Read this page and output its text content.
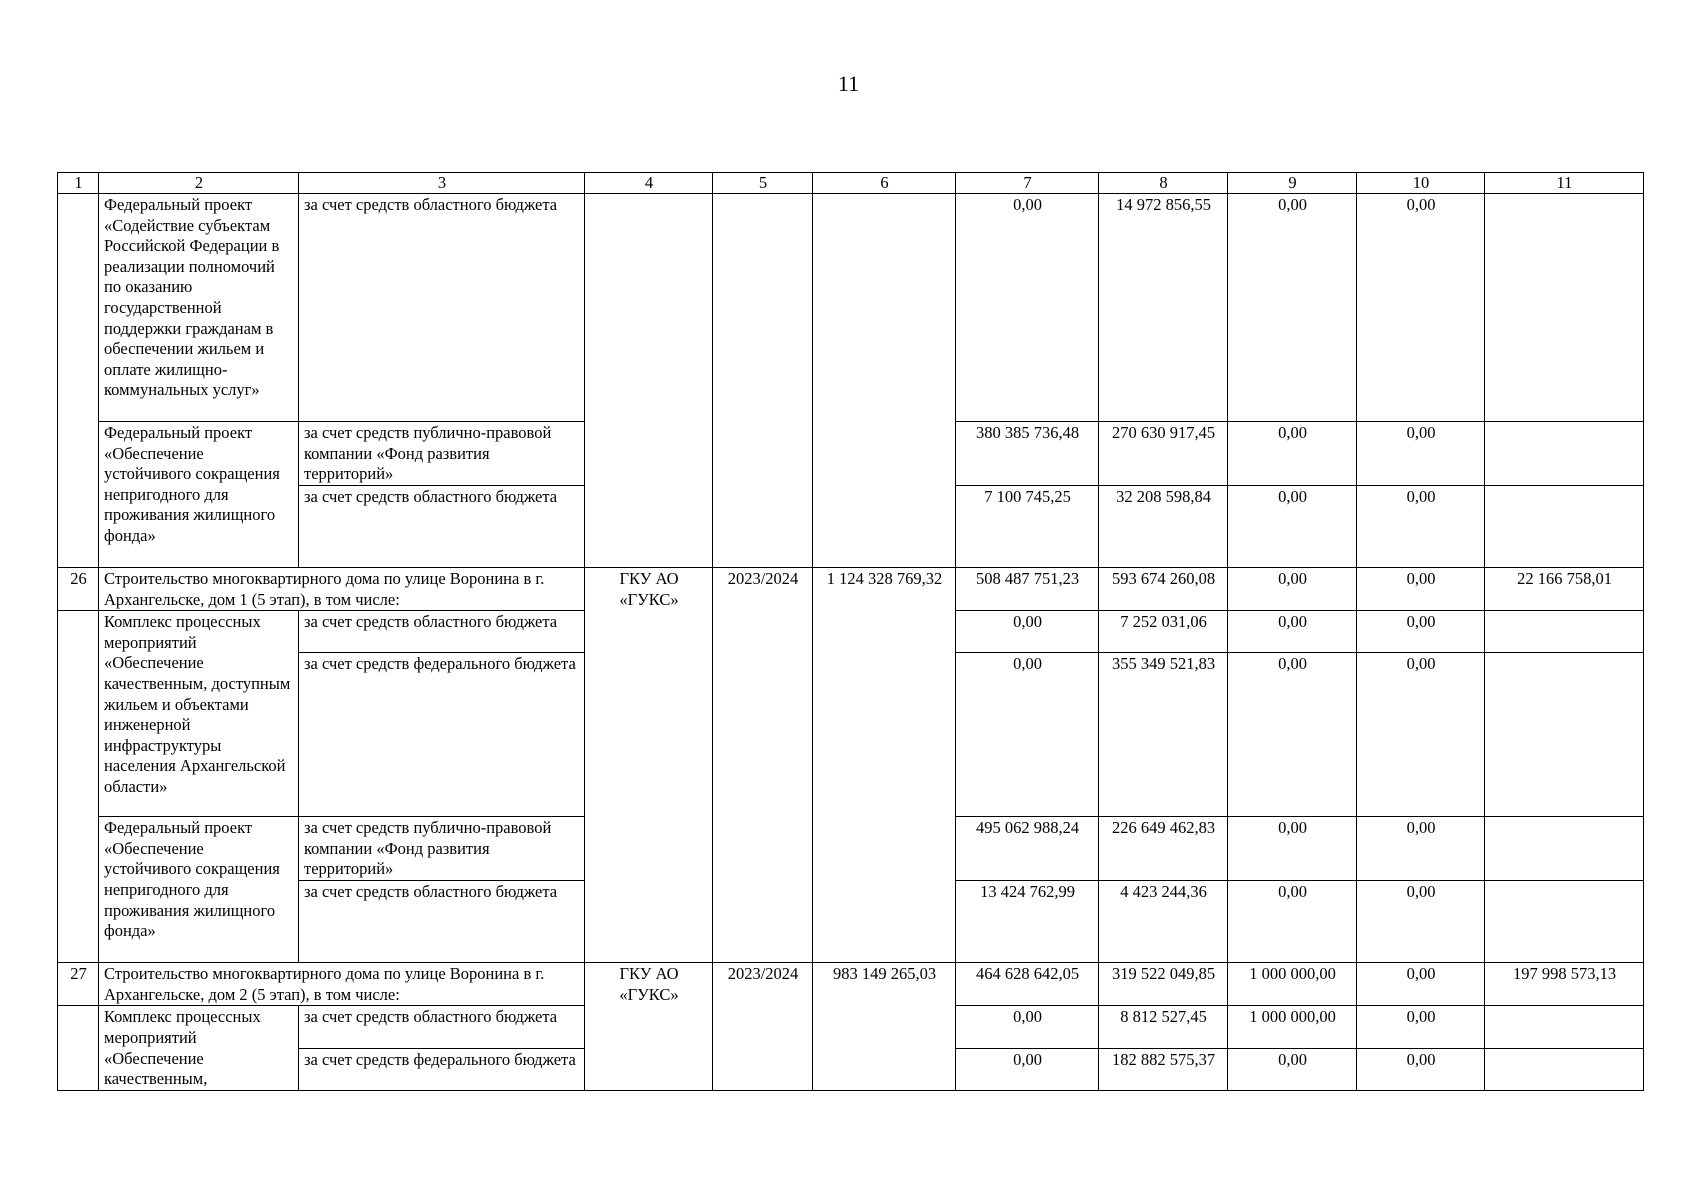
11
1	2	3	4	5	6	7	8	9	10	11
	Федеральный проект «Содействие субъектам Российской Федерации в реализации полномочий по оказанию государственной поддержки гражданам в обеспечении жильем и оплате жилищно-коммунальных услуг»	за счет средств областного бюджета				0,00	14 972 856,55	0,00	0,00	
	Федеральный проект «Обеспечение устойчивого сокращения непригодного для проживания жилищного фонда»	за счет средств публично-правовой компании «Фонд развития территорий»				380 385 736,48	270 630 917,45	0,00	0,00	
		за счет средств областного бюджета				7 100 745,25	32 208 598,84	0,00	0,00	
26	Строительство многоквартирного дома по улице Воронина в г. Архангельске, дом 1 (5 этап), в том числе:		ГКУ АО «ГУКС»	2023/2024	1 124 328 769,32	508 487 751,23	593 674 260,08	0,00	0,00	22 166 758,01
	Комплекс процессных мероприятий «Обеспечение качественным, доступным жильем и объектами инженерной инфраструктуры населения Архангельской области»	за счет средств областного бюджета				0,00	7 252 031,06	0,00	0,00	
		за счет средств федерального бюджета				0,00	355 349 521,83	0,00	0,00	
	Федеральный проект «Обеспечение устойчивого сокращения непригодного для проживания жилищного фонда»	за счет средств публично-правовой компании «Фонд развития территорий»				495 062 988,24	226 649 462,83	0,00	0,00	
		за счет средств областного бюджета				13 424 762,99	4 423 244,36	0,00	0,00	
27	Строительство многоквартирного дома по улице Воронина в г. Архангельске, дом 2 (5 этап), в том числе:		ГКУ АО «ГУКС»	2023/2024	983 149 265,03	464 628 642,05	319 522 049,85	1 000 000,00	0,00	197 998 573,13
	Комплекс процессных мероприятий «Обеспечение качественным,	за счет средств областного бюджета				0,00	8 812 527,45	1 000 000,00	0,00	
		за счет средств федерального бюджета				0,00	182 882 575,37	0,00	0,00	
